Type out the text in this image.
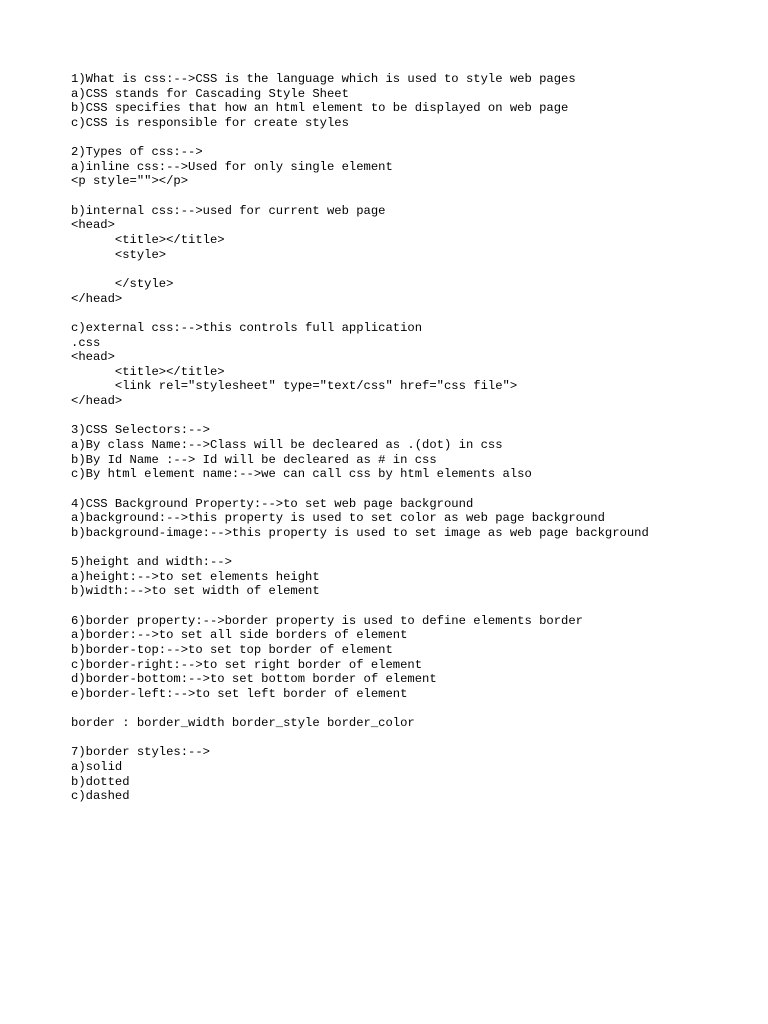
1)What is css:-->CSS is the language which is used to style web pages
a)CSS stands for Cascading Style Sheet
b)CSS specifies that how an html element to be displayed on web page
c)CSS is responsible for create styles
2)Types of css:-->
a)inline css:-->Used for only single element
<p style=""></p>
b)internal css:-->used for current web page
<head>
<title></title>
<style>
</style>
</head>
c)external css:-->this controls full application
.css
<head>
<title></title>
<link rel="stylesheet" type="text/css" href="css file">
</head>
3)CSS Selectors:-->
a)By class Name:-->Class will be decleared as .(dot) in css
b)By Id Name :--> Id will be decleared as # in css
c)By html element name:-->we can call css by html elements also
4)CSS Background Property:-->to set web page background
a)background:-->this property is used to set color as web page background
b)background-image:-->this property is used to set image as web page background
5)height and width:-->
a)height:-->to set elements height
b)width:-->to set width of element
6)border property:-->border property is used to define elements border
a)border:-->to set all side borders of element
b)border-top:-->to set top border of element
c)border-right:-->to set right border of element
d)border-bottom:-->to set bottom border of element
e)border-left:-->to set left border of element
border : border_width border_style border_color
7)border styles:-->
a)solid
b)dotted
c)dashed
